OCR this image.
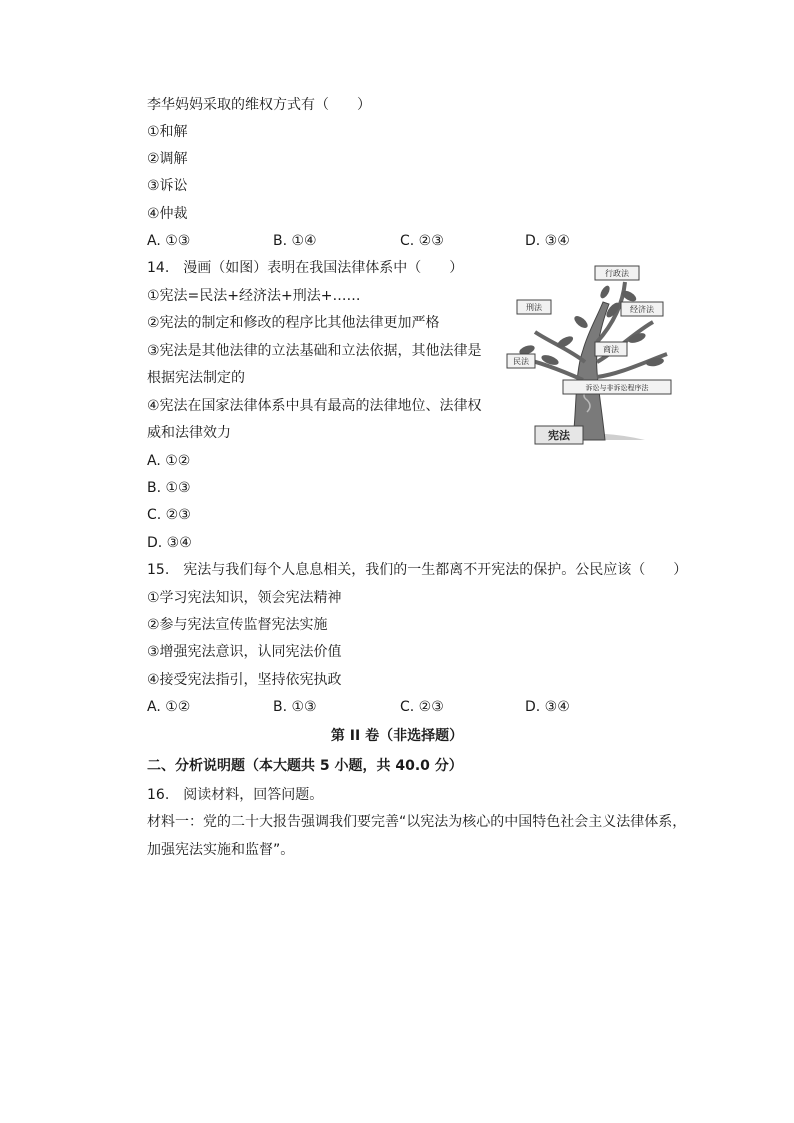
李华妈妈采取的维权方式有（　　）
①和解
②调解
③诉讼
④仲裁
A. ①③	B. ①④	C. ②③	D. ③④
14.　漫画（如图）表明在我国法律体系中（　　）
①宪法=民法+经济法+刑法+……
②宪法的制定和修改的程序比其他法律更加严格
③宪法是其他法律的立法基础和立法依据，其他法律是
根据宪法制定的
④宪法在国家法律体系中具有最高的法律地位、法律权
威和法律效力
A. ①②
B. ①③
C. ②③
D. ③④
行政法
刑法	经济法
民法
商法
诉讼与非诉讼程序法
宪法
15.　宪法与我们每个人息息相关，我们的一生都离不开宪法的保护。公民应该（　　）
①学习宪法知识，领会宪法精神
②参与宪法宣传监督宪法实施
③增强宪法意识，认同宪法价值
④接受宪法指引，坚持依宪执政
A. ①②	B. ①③	C. ②③	D. ③④
第 II 卷（非选择题）
二、分析说明题（本大题共 5 小题，共 40.0 分）
16.　阅读材料，回答问题。
材料一：党的二十大报告强调我们要完善“以宪法为核心的中国特色社会主义法律体系，
加强宪法实施和监督”。
